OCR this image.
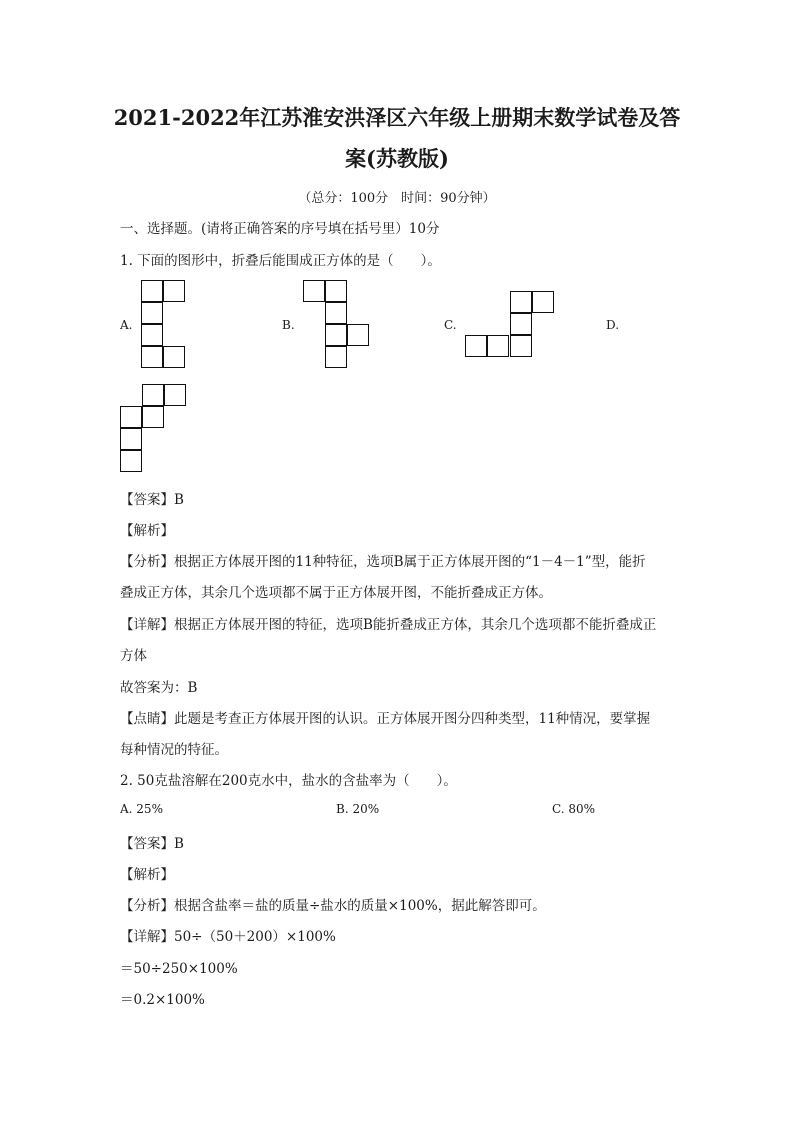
2021-2022年江苏淮安洪泽区六年级上册期末数学试卷及答
案(苏教版)
（总分：100分　时间：90分钟）
一、选择题。(请将正确答案的序号填在括号里）10分
1. 下面的图形中，折叠后能围成正方体的是（　　）。
A.	B.	C.	D.
【答案】B
【解析】
【分析】根据正方体展开图的11种特征，选项B属于正方体展开图的“1－4－1”型，能折
叠成正方体，其余几个选项都不属于正方体展开图，不能折叠成正方体。
【详解】根据正方体展开图的特征，选项B能折叠成正方体，其余几个选项都不能折叠成正
方体
故答案为：B
【点睛】此题是考查正方体展开图的认识。正方体展开图分四种类型，11种情况，要掌握
每种情况的特征。
2. 50克盐溶解在200克水中，盐水的含盐率为（　　）。
A. 25%	B. 20%	C. 80%
【答案】B
【解析】
【分析】根据含盐率＝盐的质量÷盐水的质量×100%，据此解答即可。
【详解】50÷（50＋200）×100%
＝50÷250×100%
＝0.2×100%
